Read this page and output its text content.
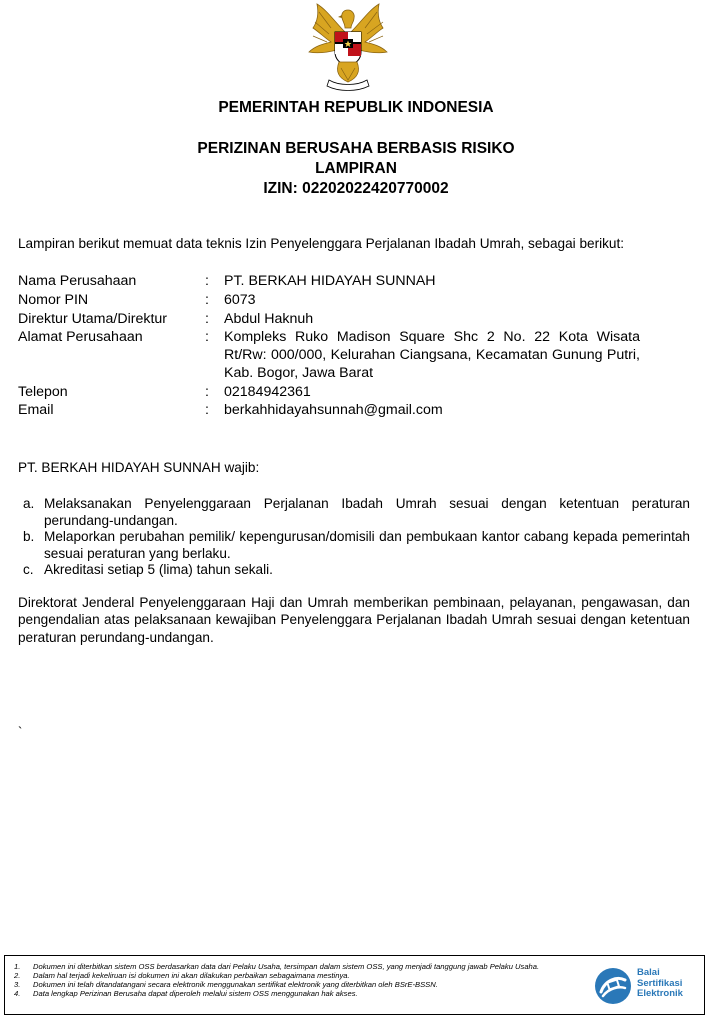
PEMERINTAH REPUBLIK INDONESIA
PERIZINAN BERUSAHA BERBASIS RISIKO
LAMPIRAN
IZIN: 02202022420770002
Lampiran berikut memuat data teknis Izin Penyelenggara Perjalanan Ibadah Umrah, sebagai berikut:
Nama Perusahaan	: PT. BERKAH HIDAYAH SUNNAH
Nomor PIN	: 6073
Direktur Utama/Direktur	: Abdul Haknuh
Alamat Perusahaan	: Kompleks Ruko Madison Square Shc 2 No. 22 Kota Wisata Rt/Rw: 000/000, Kelurahan Ciangsana, Kecamatan Gunung Putri, Kab. Bogor, Jawa Barat
Telepon	: 02184942361
Email	: berkahhidayahsunnah@gmail.com
PT. BERKAH HIDAYAH SUNNAH wajib:
a. Melaksanakan Penyelenggaraan Perjalanan Ibadah Umrah sesuai dengan ketentuan peraturan perundang-undangan.
b. Melaporkan perubahan pemilik/ kepengurusan/domisili dan pembukaan kantor cabang kepada pemerintah sesuai peraturan yang berlaku.
c. Akreditasi setiap 5 (lima) tahun sekali.
Direktorat Jenderal Penyelenggaraan Haji dan Umrah memberikan pembinaan, pelayanan, pengawasan, dan pengendalian atas pelaksanaan kewajiban Penyelenggara Perjalanan Ibadah Umrah sesuai dengan ketentuan peraturan perundang-undangan.
`
1. Dokumen ini diterbitkan sistem OSS berdasarkan data dari Pelaku Usaha, tersimpan dalam sistem OSS, yang menjadi tanggung jawab Pelaku Usaha.
2. Dalam hal terjadi kekeliruan isi dokumen ini akan dilakukan perbaikan sebagaimana mestinya.
3. Dokumen ini telah ditandatangani secara elektronik menggunakan sertifikat elektronik yang diterbitkan oleh BSrE-BSSN.
4. Data lengkap Perizinan Berusaha dapat diperoleh melalui sistem OSS menggunakan hak akses.
Balai
Sertifikasi
Elektronik
